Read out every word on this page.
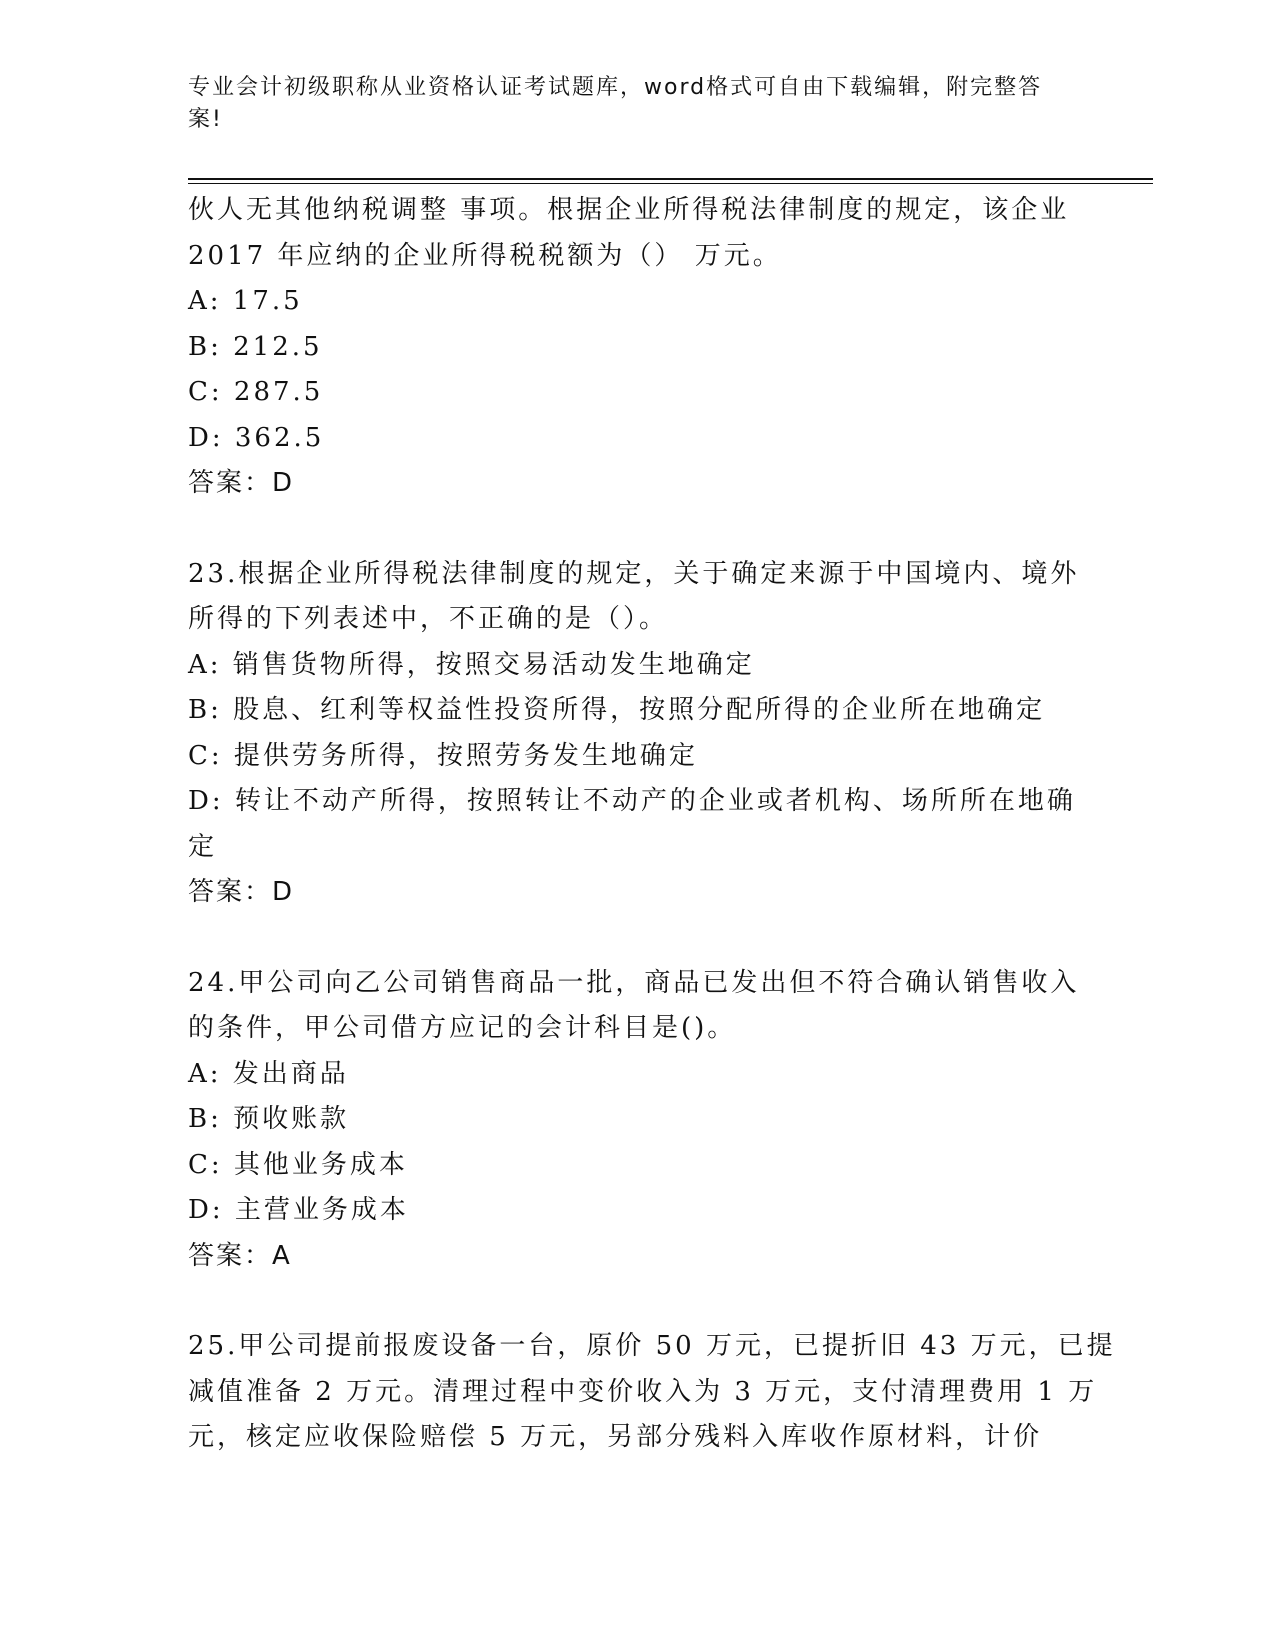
专业会计初级职称从业资格认证考试题库，word格式可自由下载编辑，附完整答
案!
伙人无其他纳税调整 事项。根据企业所得税法律制度的规定，该企业
2017 年应纳的企业所得税税额为（） 万元。
A: 17.5
B: 212.5
C: 287.5
D: 362.5
答案：D
23.根据企业所得税法律制度的规定，关于确定来源于中国境内、境外
所得的下列表述中，不正确的是（）。
A: 销售货物所得，按照交易活动发生地确定
B: 股息、红利等权益性投资所得，按照分配所得的企业所在地确定
C: 提供劳务所得，按照劳务发生地确定
D: 转让不动产所得，按照转让不动产的企业或者机构、场所所在地确
定
答案：D
24.甲公司向乙公司销售商品一批，商品已发出但不符合确认销售收入
的条件，甲公司借方应记的会计科目是()。
A: 发出商品
B: 预收账款
C: 其他业务成本
D: 主营业务成本
答案：A
25.甲公司提前报废设备一台，原价 50 万元，已提折旧 43 万元，已提
减值准备 2 万元。清理过程中变价收入为 3 万元，支付清理费用 1 万
元，核定应收保险赔偿 5 万元，另部分残料入库收作原材料，计价
